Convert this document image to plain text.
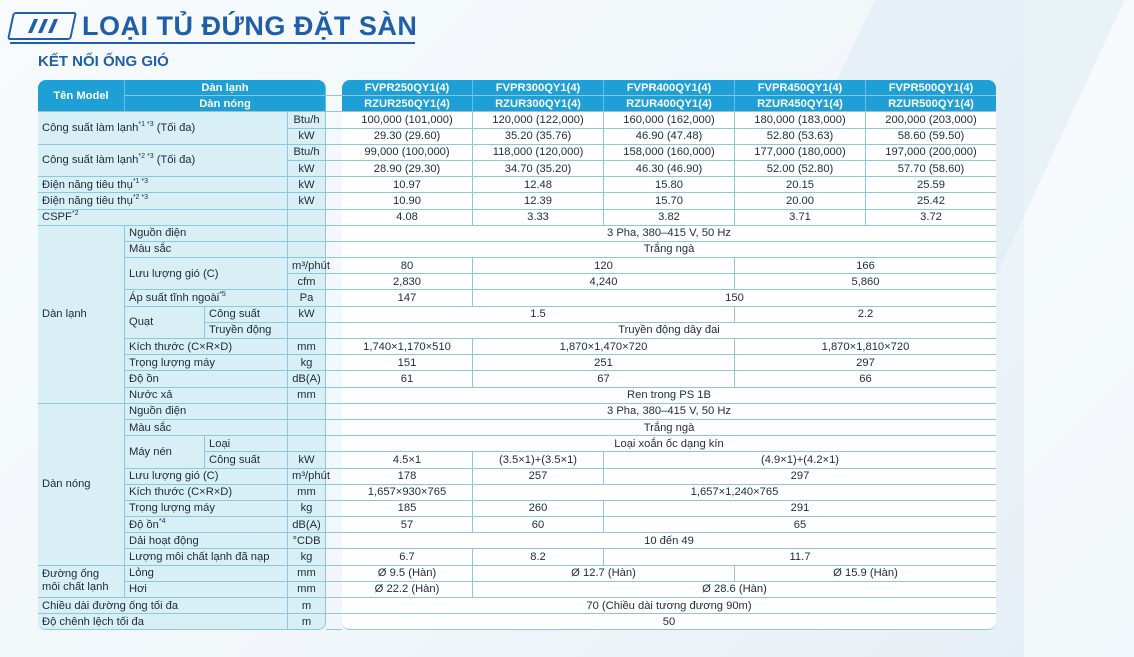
LOẠI TỦ ĐỨNG ĐẶT SÀN
KẾT NỐI ỐNG GIÓ
Tên Model	Dàn lạnh				FVPR250QY1(4)	FVPR300QY1(4)	FVPR400QY1(4)	FVPR450QY1(4)	FVPR500QY1(4)
	Dàn nóng				RZUR250QY1(4)	RZUR300QY1(4)	RZUR400QY1(4)	RZUR450QY1(4)	RZUR500QY1(4)
Công suất làm lạnh$^{*1 *3}$ (Tối đa)			Btu/h		100,000 (101,000)	120,000 (122,000)	160,000 (162,000)	180,000 (183,000)	200,000 (203,000)
			kW		29.30 (29.60)	35.20 (35.76)	46.90 (47.48)	52.80 (53.63)	58.60 (59.50)
Công suất làm lạnh$^{*2 *3}$ (Tối đa)			Btu/h		99,000 (100,000)	118,000 (120,000)	158,000 (160,000)	177,000 (180,000)	197,000 (200,000)
			kW		28.90 (29.30)	34.70 (35.20)	46.30 (46.90)	52.00 (52.80)	57.70 (58.60)
Điện năng tiêu thụ$^{*1 *3}$			kW		10.97	12.48	15.80	20.15	25.59
Điện năng tiêu thụ$^{*2 *3}$			kW		10.90	12.39	15.70	20.00	25.42
CSPF$^{*2}$					4.08	3.33	3.82	3.71	3.72
Dàn lạnh	Nguồn điện				3 Pha, 380–415 V, 50 Hz				
	Màu sắc				Trắng ngà				
	Lưu lượng gió (C)		m³/phút		80	120		166	
			cfm		2,830	4,240		5,860	
	Áp suất tĩnh ngoài$^{*5}$		Pa		147	150			
	Quạt	Công suất	kW		1.5			2.2	
		Truyền động			Truyền động dây đai				
	Kích thước (C×R×D)		mm		1,740×1,170×510	1,870×1,470×720		1,870×1,810×720	
	Trọng lượng máy		kg		151	251		297	
	Độ ồn		dB(A)		61	67		66	
	Nước xả		mm		Ren trong PS 1B				
Dàn nóng	Nguồn điện				3 Pha, 380–415 V, 50 Hz				
	Màu sắc				Trắng ngà				
	Máy nén	Loại			Loại xoắn ốc dạng kín				
		Công suất	kW		4.5×1	(3.5×1)+(3.5×1)	(4.9×1)+(4.2×1)		
	Lưu lượng gió (C)		m³/phút		178	257	297		
	Kích thước (C×R×D)		mm		1,657×930×765	1,657×1,240×765			
	Trọng lượng máy		kg		185	260	291		
	Độ ồn$^{*4}$		dB(A)		57	60	65		
	Dải hoạt động		°CDB		10 đến 49				
	Lượng môi chất lạnh đã nạp		kg		6.7	8.2	11.7		
Đường ống
môi chất lạnh	Lỏng		mm		Ø 9.5 (Hàn)	Ø 12.7 (Hàn)		Ø 15.9 (Hàn)	
	Hơi		mm		Ø 22.2 (Hàn)	Ø 28.6 (Hàn)			
Chiều dài đường ống tối đa			m		70 (Chiều dài tương đương 90m)				
Độ chênh lệch tối đa			m		50				
